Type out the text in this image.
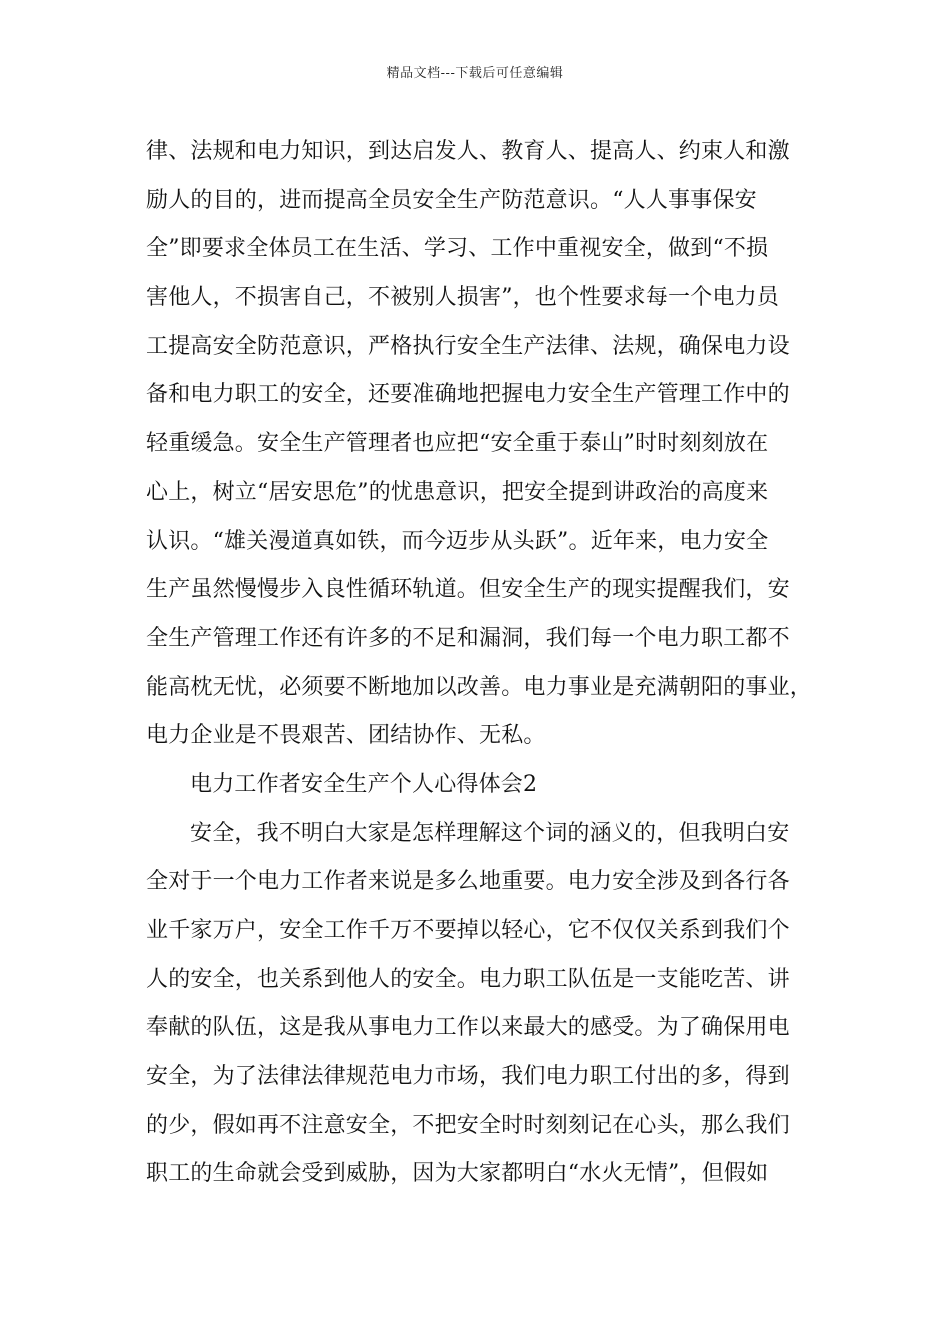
精品文档---下载后可任意编辑
律、法规和电力知识，到达启发人、教育人、提高人、约束人和激
励人的目的，进而提高全员安全生产防范意识。“人人事事保安
全”即要求全体员工在生活、学习、工作中重视安全，做到“不损
害他人，不损害自己，不被别人损害”，也个性要求每一个电力员
工提高安全防范意识，严格执行安全生产法律、法规，确保电力设
备和电力职工的安全，还要准确地把握电力安全生产管理工作中的
轻重缓急。安全生产管理者也应把“安全重于泰山”时时刻刻放在
心上，树立“居安思危”的忧患意识，把安全提到讲政治的高度来
认识。“雄关漫道真如铁，而今迈步从头跃”。近年来，电力安全
生产虽然慢慢步入良性循环轨道。但安全生产的现实提醒我们，安
全生产管理工作还有许多的不足和漏洞，我们每一个电力职工都不
能高枕无忧，必须要不断地加以改善。电力事业是充满朝阳的事业，
电力企业是不畏艰苦、团结协作、无私。
电力工作者安全生产个人心得体会2
安全，我不明白大家是怎样理解这个词的涵义的，但我明白安
全对于一个电力工作者来说是多么地重要。电力安全涉及到各行各
业千家万户，安全工作千万不要掉以轻心，它不仅仅关系到我们个
人的安全，也关系到他人的安全。电力职工队伍是一支能吃苦、讲
奉献的队伍，这是我从事电力工作以来最大的感受。为了确保用电
安全，为了法律法律规范电力市场，我们电力职工付出的多，得到
的少，假如再不注意安全，不把安全时时刻刻记在心头，那么我们
职工的生命就会受到威胁，因为大家都明白“水火无情”，但假如
